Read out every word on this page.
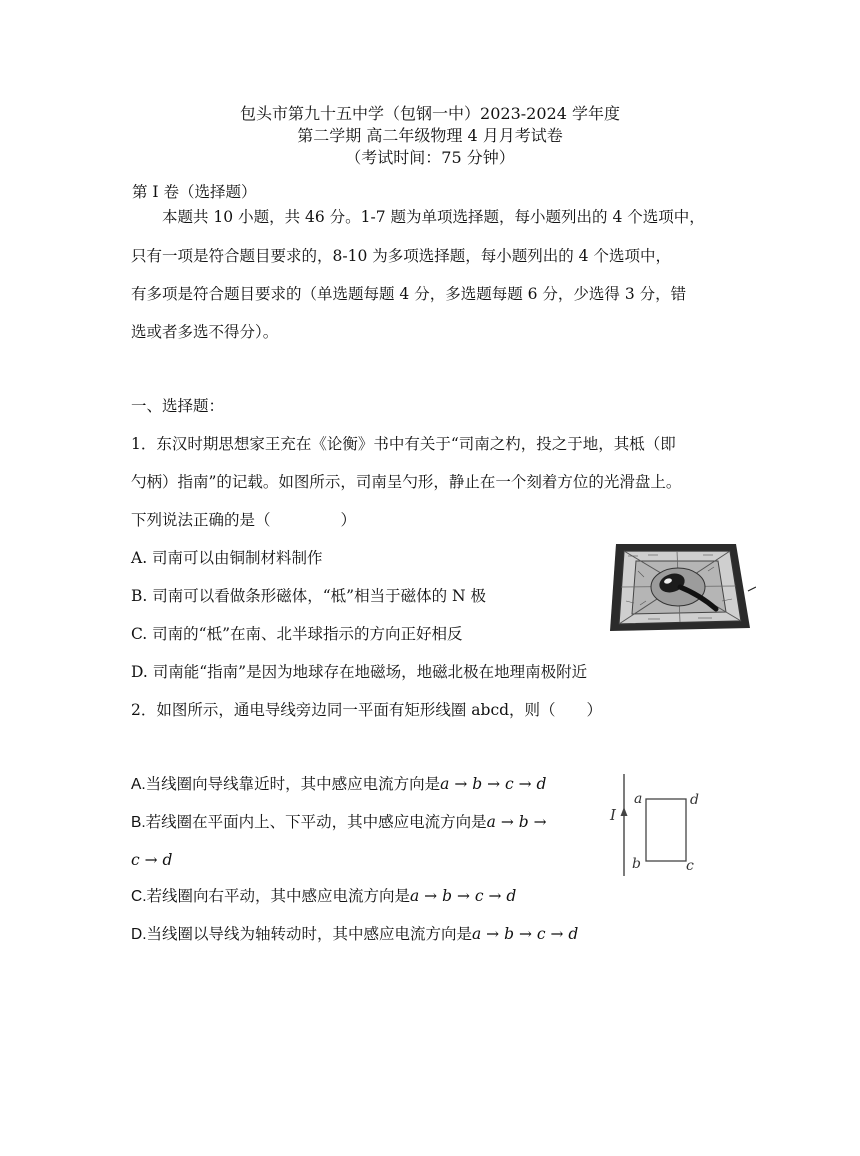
包头市第九十五中学（包钢一中）2023-2024 学年度
第二学期 高二年级物理 4 月月考试卷
（考试时间：75 分钟）
第 I 卷（选择题）
本题共 10 小题，共 46 分。1-7 题为单项选择题，每小题列出的 4 个选项中，
只有一项是符合题目要求的，8-10 为多项选择题，每小题列出的 4 个选项中，
有多项是符合题目要求的（单选题每题 4 分，多选题每题 6 分，少选得 3 分，错
选或者多选不得分）。
一、选择题：
1．东汉时期思想家王充在《论衡》书中有关于“司南之杓，投之于地，其柢（即
勺柄）指南”的记载。如图所示，司南呈勺形，静止在一个刻着方位的光滑盘上。
下列说法正确的是（	）
A. 司南可以由铜制材料制作
B. 司南可以看做条形磁体，“柢”相当于磁体的 N 极
C. 司南的“柢”在南、北半球指示的方向正好相反
D. 司南能“指南”是因为地球存在地磁场，地磁北极在地理南极附近
2．如图所示，通电导线旁边同一平面有矩形线圈 abcd，则（　　）
A.当线圈向导线靠近时，其中感应电流方向是a → b → c → d
B.若线圈在平面内上、下平动，其中感应电流方向是a → b →
c → d
C.若线圈向右平动，其中感应电流方向是a → b → c → d
D.当线圈以导线为轴转动时，其中感应电流方向是a → b → c → d
I
a	d
b	c
